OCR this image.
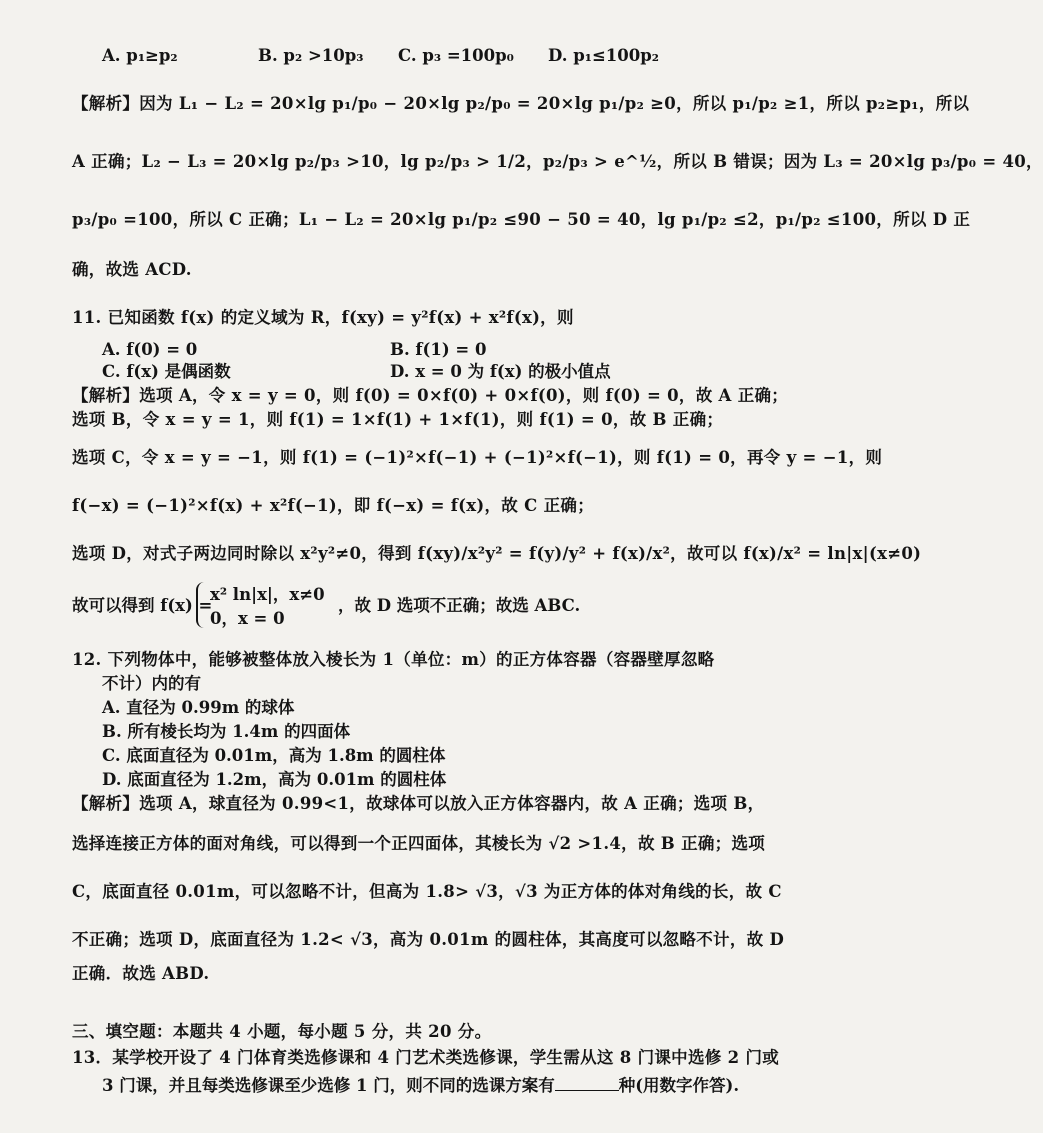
A. p₁≥p₂	B. p₂ >10p₃ C. p₃ =100p₀ D. p₁≤100p₂
【解析】因为 L₁ − L₂ = 20×lg p₁/p₀ − 20×lg p₂/p₀ = 20×lg p₁/p₂ ≥0，所以 p₁/p₂ ≥1，所以 p₂≥p₁，所以
A 正确；L₂ − L₃ = 20×lg p₂/p₃ >10，lg p₂/p₃ > 1/2，p₂/p₃ > e^½，所以 B 错误；因为 L₃ = 20×lg p₃/p₀ = 40，
p₃/p₀ =100，所以 C 正确；L₁ − L₂ = 20×lg p₁/p₂ ≤90 − 50 = 40，lg p₁/p₂ ≤2，p₁/p₂ ≤100，所以 D 正
确，故选 ACD.
11. 已知函数 f(x) 的定义域为 R，f(xy) = y²f(x) + x²f(x)，则
A. f(0) = 0	B. f(1) = 0
C. f(x) 是偶函数	D. x = 0 为 f(x) 的极小值点
【解析】选项 A，令 x = y = 0，则 f(0) = 0×f(0) + 0×f(0)，则 f(0) = 0，故 A 正确；
选项 B，令 x = y = 1，则 f(1) = 1×f(1) + 1×f(1)，则 f(1) = 0，故 B 正确；
选项 C，令 x = y = −1，则 f(1) = (−1)²×f(−1) + (−1)²×f(−1)，则 f(1) = 0，再令 y = −1，则
f(−x) = (−1)²×f(x) + x²f(−1)，即 f(−x) = f(x)，故 C 正确；
选项 D，对式子两边同时除以 x²y²≠0，得到 f(xy)/x²y² = f(y)/y² + f(x)/x²，故可以 f(x)/x² = ln|x|(x≠0)
故可以得到 f(x) =
x² ln|x|，x≠0
0，x = 0
，故 D 选项不正确；故选 ABC.
12. 下列物体中，能够被整体放入棱长为 1（单位：m）的正方体容器（容器壁厚忽略
不计）内的有
A. 直径为 0.99m 的球体
B. 所有棱长均为 1.4m 的四面体
C. 底面直径为 0.01m，高为 1.8m 的圆柱体
D. 底面直径为 1.2m，高为 0.01m 的圆柱体
【解析】选项 A，球直径为 0.99<1，故球体可以放入正方体容器内，故 A 正确；选项 B，
选择连接正方体的面对角线，可以得到一个正四面体，其棱长为 √2 >1.4，故 B 正确；选项
C，底面直径 0.01m，可以忽略不计，但高为 1.8> √3，√3 为正方体的体对角线的长，故 C
不正确；选项 D，底面直径为 1.2< √3，高为 0.01m 的圆柱体，其高度可以忽略不计，故 D
正确．故选 ABD.
三、填空题：本题共 4 小题，每小题 5 分，共 20 分。
13．某学校开设了 4 门体育类选修课和 4 门艺术类选修课，学生需从这 8 门课中选修 2 门或
3 门课，并且每类选修课至少选修 1 门，则不同的选课方案有	种(用数字作答).
